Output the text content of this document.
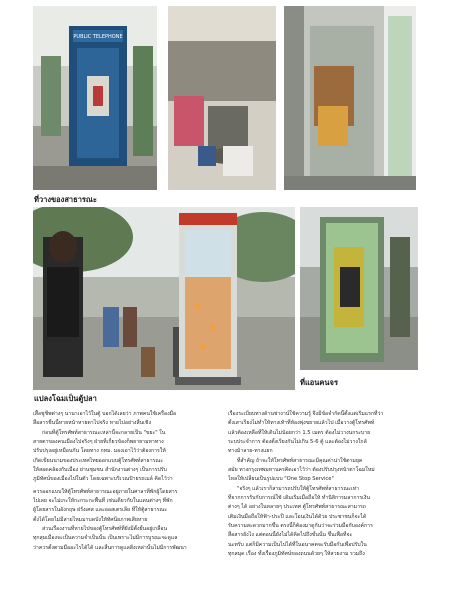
PUBLIC TELEPHONE
ที่วางของสาธารณะ
แปลงโฉมเป็นตู้ปลา
ที่แอนคนจร

เสื้อชูชีพต่างๆ นานาเอาไว้ในตู้ บอกได้เลยว่า ภาพคนใช้เครื่องมือ

สื่อสารชิ้นนี้หายหน้าหายตาไปจริง หายไปอย่างสิ้นเชิง

ก่อนที่ตู้โทรศัพท์สาธารณะเหล่านี้จะกลายเป็น "ขยะ" ใน

สายตาของคนเมืองไปจริงๆ ฝ่ายที่เกี่ยวข้องก็พยายามหาทาง

ปรับปรุงอยู่เหมือนกัน โดยทาง กทม. มองเอาไว้ว่าต้องการให้

เกิดเขียนนามของประเทศไทยออกแบบตู้โทรศัพท์สาธารณะ

ให้สอดคล้องกับเมือง ย่านชุมชน สำนักงานต่างๆ เป็นการปรับ

ภูมิทัศน์ของเมืองไปในตัว โดยเฉพาะบริเวณป้ายรถเมล์ คิดไว้ว่า

ควรออกแบบให้ตู้โทรศัพท์สาธารณะอยู่ภายในศาลาที่พักผู้โดยสาร

ไปเลย จะไม่เกะให้กะกระกะพื้นที่ เช่นเดียวกับในแดนต่างๆ ที่พัก

ผู้โดยสารในอังกฤษ ฝรั่งเศส และออสเตรเลีย ที่ให้ตู้สาธารณะ

ตั้งได้โดยไม่มีสายไหมมาบดบังให้ทัศนียภาพเสียหาย

ส่วนเรื่องงานที่หายไปของตู้โทรศัพท์ที่ยังมีตั้งยั้นอยู่เกลื่อน

ทุกสุมเมืองจะเป็นความจำเป็นนั้น เป็นเพราะไม่มีการบูรณะจะดูแล

ว่าควรตั้งตามมืออะไรได้ได้ และสิ้นการดูแลสิ่งเหล่านั้นไม่มีการพัฒนา

เรื่องระเบียบทางด้านช่างาน์ใช้ความรู้ จึงมีข้อจำกัดนี้ตั้งแต่เริ่มแรกที่ว่า

ตั้งเสาเรียงไม่ทำให้ทางเท้าที่ห้องพุ่งขยายแล้วไป เมื่อวางตู้โทรศัพท์

แล้วต้องเหลือที่ให้เดินไม่น้อยกว่า 1.5 เมตร ต้องไม่วางนกระบาย

ระบประจำการ ต้องตั้งเรียงกันไม่เกิน 5-6 ตู้ และต้องไม่วางใกล้

ทางม้าลาย-ทางแยก

ที่สำคัญ ถ้าจะให้โทรศัพท์สาธารณะมีคุณค่าน่าใช้ตามยุค

สมัย ทางกรุงเทพมหานครคิดเอาไว้ว่า ต้องปรับปรุงหน้าตาโฉมใหม่

ไหลให้เปลี่ยนเป็นรูปแบบ "One Stop Service"

"จริงๆ แล้วเราก็สามารถปรับให้ตู้โทรศัพท์สาธารณะเท่า

ที่จากการรับกับการณ์ใช้ เดิมเริ่มเมื่อถือให้ ทำนิสิการมลาการเงิน

ต่างๆ ได้ อย่างในหลายๆ ประเทศ ตู้โทรศัพท์สาธารณะสามารถ

เติมเงินมือถือให้ฟ้า-ประปี และโอนเงินได้ด้วย ประชาชนก็จะได้

รับความสะดวกมากขึ้น ตรงนี้ก็ต้องมาดูกันว่าจะร่วมมือกับองค์การ

สื่อสารยังไง แต่ตอนนี้ยังไม่ได้คิดไปถึงขั้นนั้น ขึ้นเพื่อที่จะ

นะทรับ แต่ก็มีความเป็นไปได้ที่ในอนาคตจะรับมือกันเพื่อปรับใน

ทุกสมุด เรื่อง ทั้งเรื่องภูมิทัศน์ของถนนด้วยๆ ให้สวยงาม รวมถึง
